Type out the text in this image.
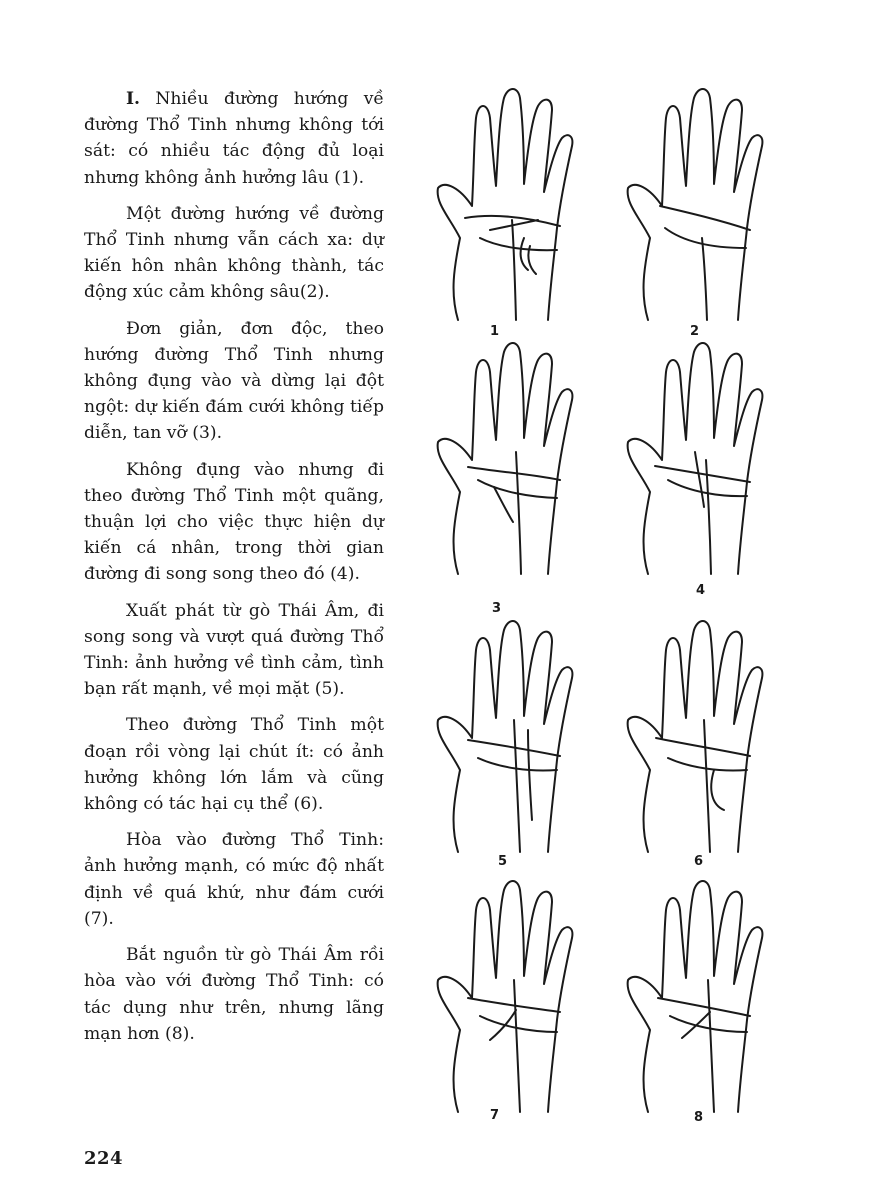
I. Nhiều đường hướng về đường Thổ Tinh nhưng không tới sát: có nhiều tác động đủ loại nhưng không ảnh hưởng lâu (1).

Một đường hướng về đường Thổ Tinh nhưng vẫn cách xa: dự kiến hôn nhân không thành, tác động xúc cảm không sâu(2).

Đơn giản, đơn độc, theo hướng đường Thổ Tinh nhưng không đụng vào và dừng lại đột ngột: dự kiến đám cưới không tiếp diễn, tan vỡ (3).

Không đụng vào nhưng đi theo đường Thổ Tinh một quãng, thuận lợi cho việc thực hiện dự kiến cá nhân, trong thời gian đường đi song song theo đó (4).

Xuất phát từ gò Thái Âm, đi song song và vượt quá đường Thổ Tinh: ảnh hưởng về tình cảm, tình bạn rất mạnh, về mọi mặt (5).

Theo đường Thổ Tinh một đoạn rồi vòng lại chút ít: có ảnh hưởng không lớn lắm và cũng không có tác hại cụ thể (6).

Hòa vào đường Thổ Tinh: ảnh hưởng mạnh, có mức độ nhất định về quá khứ, như đám cưới (7).

Bắt nguồn từ gò Thái Âm rồi hòa vào với đường Thổ Tinh: có tác dụng như trên, nhưng lãng mạn hơn (8).

1	2
3
4
5	6
7	8
224
